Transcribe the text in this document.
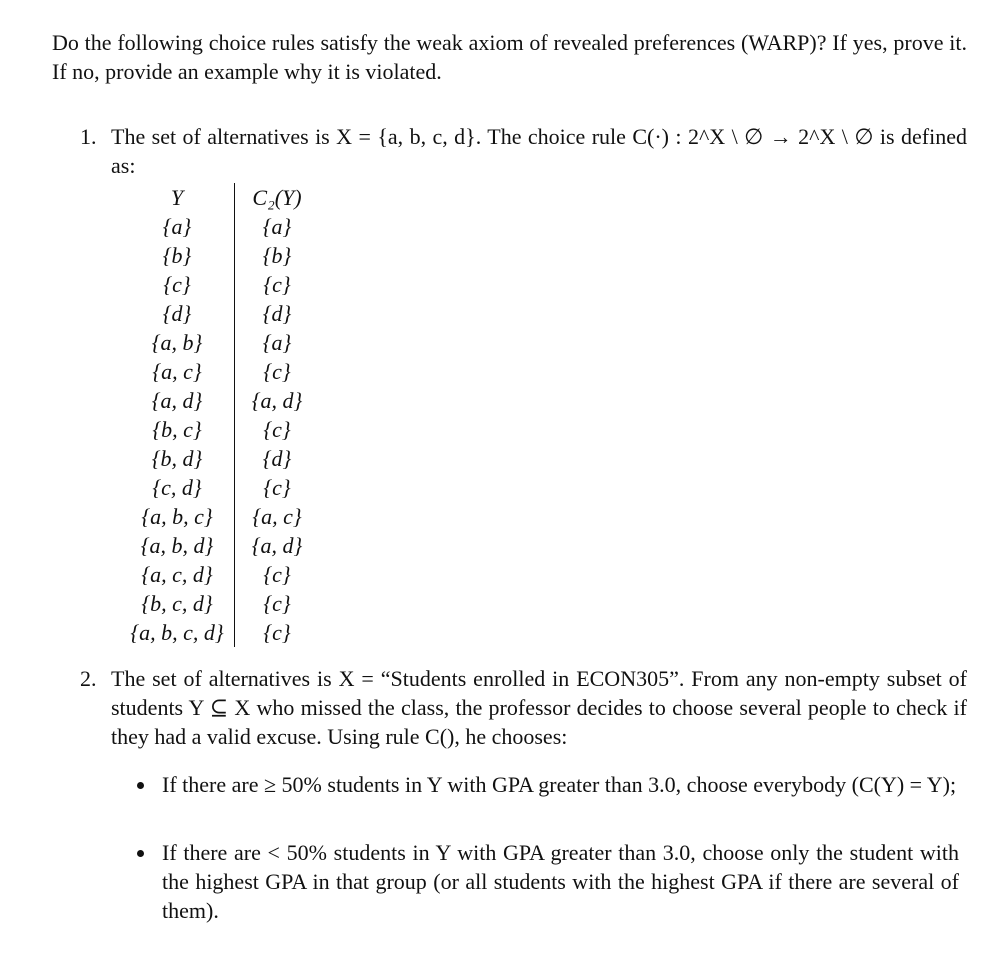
Do the following choice rules satisfy the weak axiom of revealed preferences (WARP)? If yes, prove it. If no, provide an example why it is violated.
1. The set of alternatives is X = {a, b, c, d}. The choice rule C(·) : 2^X \ ∅ → 2^X \ ∅ is defined as:
Y	C₂(Y)
{a}	{a}
{b}	{b}
{c}	{c}
{d}	{d}
{a, b}	{a}
{a, c}	{c}
{a, d}	{a, d}
{b, c}	{c}
{b, d}	{d}
{c, d}	{c}
{a, b, c}	{a, c}
{a, b, d}	{a, d}
{a, c, d}	{c}
{b, c, d}	{c}
{a, b, c, d}	{c}
2. The set of alternatives is X = “Students enrolled in ECON305”. From any non-empty subset of students Y ⊆ X who missed the class, the professor decides to choose several people to check if they had a valid excuse. Using rule C(), he chooses:
If there are ≥ 50% students in Y with GPA greater than 3.0, choose everybody (C(Y) = Y);
If there are < 50% students in Y with GPA greater than 3.0, choose only the student with the highest GPA in that group (or all students with the highest GPA if there are several of them).
